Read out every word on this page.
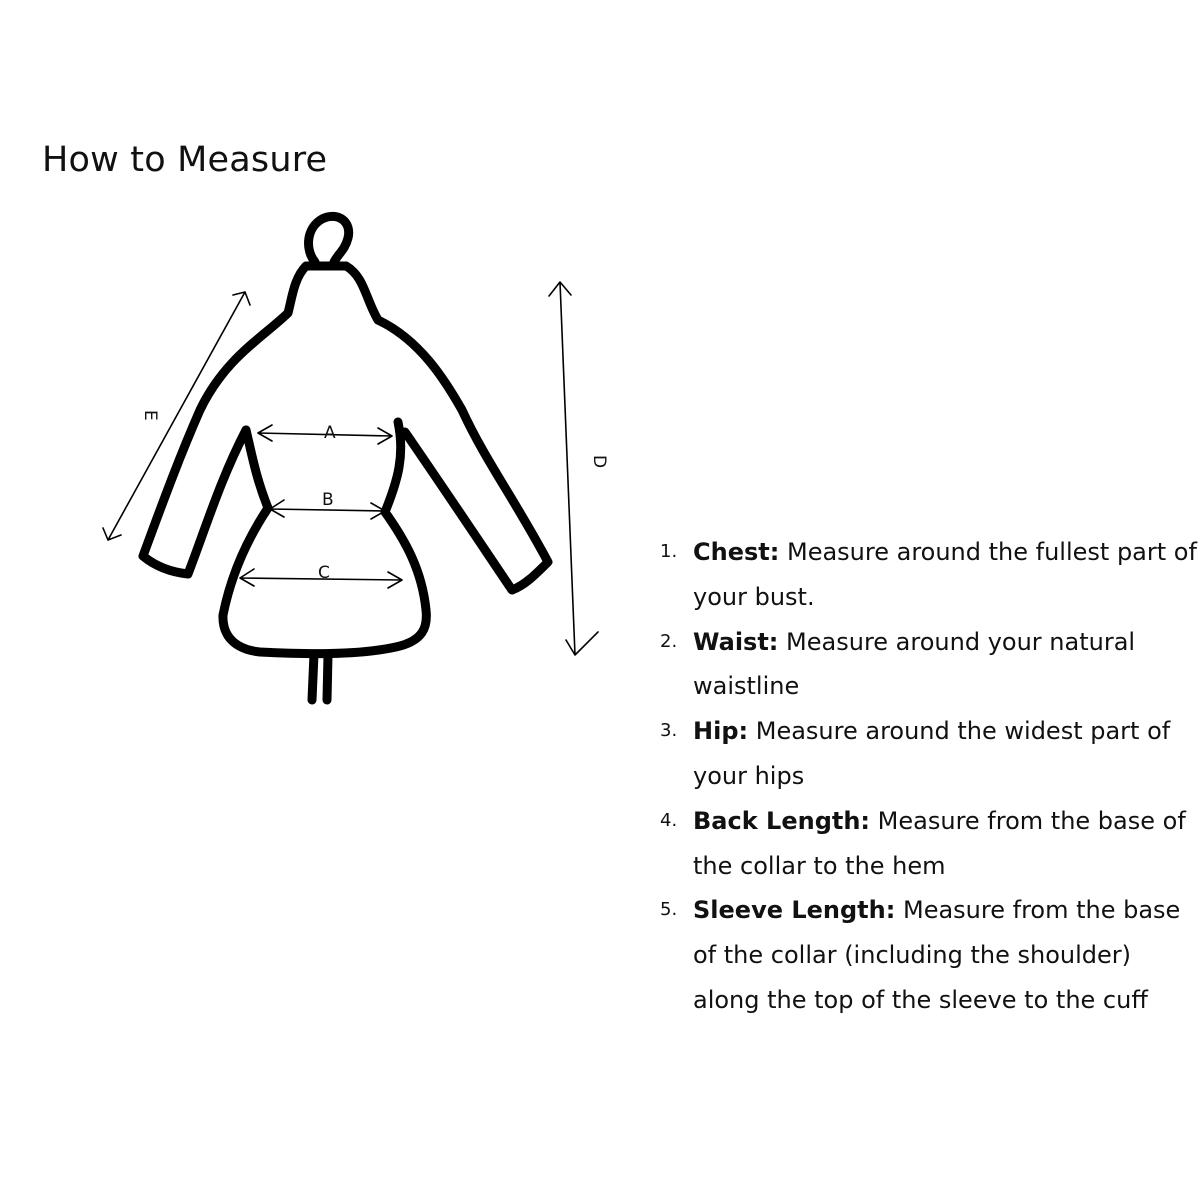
How to Measure
A
B
C
D
E
1. Chest: Measure around the fullest part of your bust.
2. Waist: Measure around your natural waistline
3. Hip: Measure around the widest part of your hips
4. Back Length: Measure from the base of the collar to the hem
5. Sleeve Length: Measure from the base of the collar (including the shoulder) along the top of the sleeve to the cuff
